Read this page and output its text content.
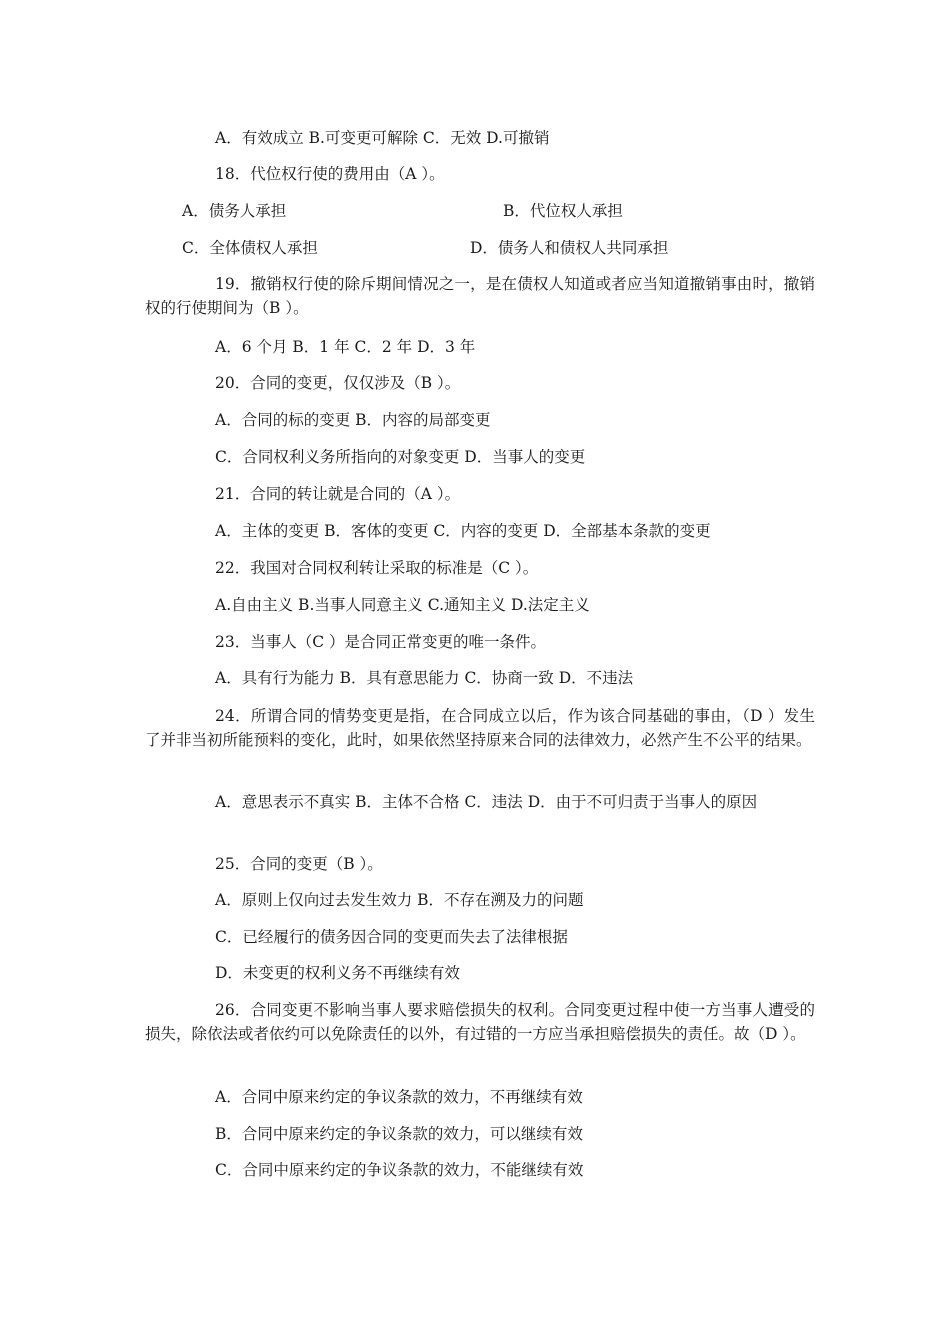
A．有效成立 B.可变更可解除 C．无效 D.可撤销

18．代位权行使的费用由（A ）。

A．债务人承担	B．代位权人承担

C．全体债权人承担	D．债务人和债权人共同承担

19．撤销权行使的除斥期间情况之一，是在债权人知道或者应当知道撤销事由时，撤销权的行使期间为（B ）。

A．6 个月 B．1 年 C．2 年 D．3 年

20．合同的变更，仅仅涉及（B ）。

A．合同的标的变更 B．内容的局部变更

C．合同权利义务所指向的对象变更 D．当事人的变更

21．合同的转让就是合同的（A ）。

A．主体的变更 B．客体的变更 C．内容的变更 D．全部基本条款的变更

22．我国对合同权利转让采取的标准是（C ）。

A.自由主义 B.当事人同意主义 C.通知主义 D.法定主义

23．当事人（C ）是合同正常变更的唯一条件。

A．具有行为能力 B．具有意思能力 C．协商一致 D．不违法

24．所谓合同的情势变更是指，在合同成立以后，作为该合同基础的事由，（D ）发生了并非当初所能预料的变化，此时，如果依然坚持原来合同的法律效力，必然产生不公平的结果。

A．意思表示不真实 B．主体不合格 C．违法 D．由于不可归责于当事人的原因

25．合同的变更（B ）。

A．原则上仅向过去发生效力 B．不存在溯及力的问题

C．已经履行的债务因合同的变更而失去了法律根据

D．未变更的权利义务不再继续有效

26．合同变更不影响当事人要求赔偿损失的权利。合同变更过程中使一方当事人遭受的损失，除依法或者依约可以免除责任的以外，有过错的一方应当承担赔偿损失的责任。故（D ）。

A．合同中原来约定的争议条款的效力，不再继续有效

B．合同中原来约定的争议条款的效力，可以继续有效

C．合同中原来约定的争议条款的效力，不能继续有效
